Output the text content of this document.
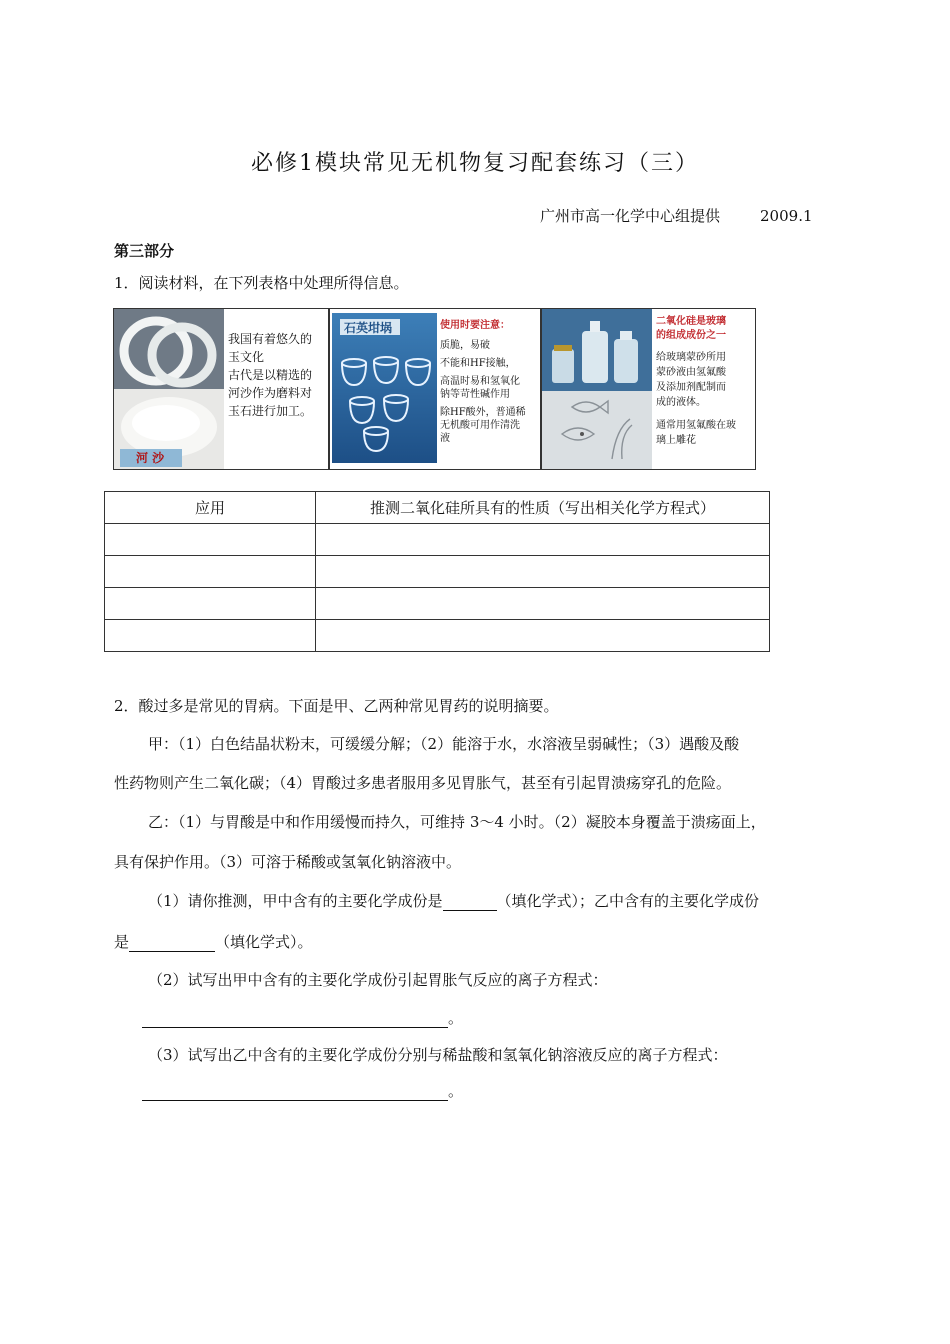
必修1模块常见无机物复习配套练习（三）
广州市高一化学中心组提供	2009.1
第三部分
1．阅读材料，在下列表格中处理所得信息。
河 沙
我国有着悠久的
玉文化
古代是以精选的
河沙作为磨料对
玉石进行加工。
石英坩埚	使用时要注意：
质脆，易破
不能和HF接触，
高温时易和氢氧化
钠等苛性碱作用
除HF酸外，普通稀
无机酸可用作清洗
液
二氧化硅是玻璃
的组成成份之一
给玻璃蒙砂所用
蒙砂液由氢氟酸
及添加剂配制而
成的液体。
通常用氢氟酸在玻
璃上雕花
应用	推测二氧化硅所具有的性质（写出相关化学方程式）

2．酸过多是常见的胃病。下面是甲、乙两种常见胃药的说明摘要。
甲：（1）白色结晶状粉末，可缓缓分解；（2）能溶于水，水溶液呈弱碱性；（3）遇酸及酸
性药物则产生二氧化碳；（4）胃酸过多患者服用多见胃胀气，甚至有引起胃溃疡穿孔的危险。
乙：（1）与胃酸是中和作用缓慢而持久，可维持 3～4 小时。（2）凝胶本身覆盖于溃疡面上，
具有保护作用。（3）可溶于稀酸或氢氧化钠溶液中。
（1）请你推测，甲中含有的主要化学成份是	（填化学式）；乙中含有的主要化学成份
是	（填化学式）。
（2）试写出甲中含有的主要化学成份引起胃胀气反应的离子方程式：
。
（3）试写出乙中含有的主要化学成份分别与稀盐酸和氢氧化钠溶液反应的离子方程式：
。
